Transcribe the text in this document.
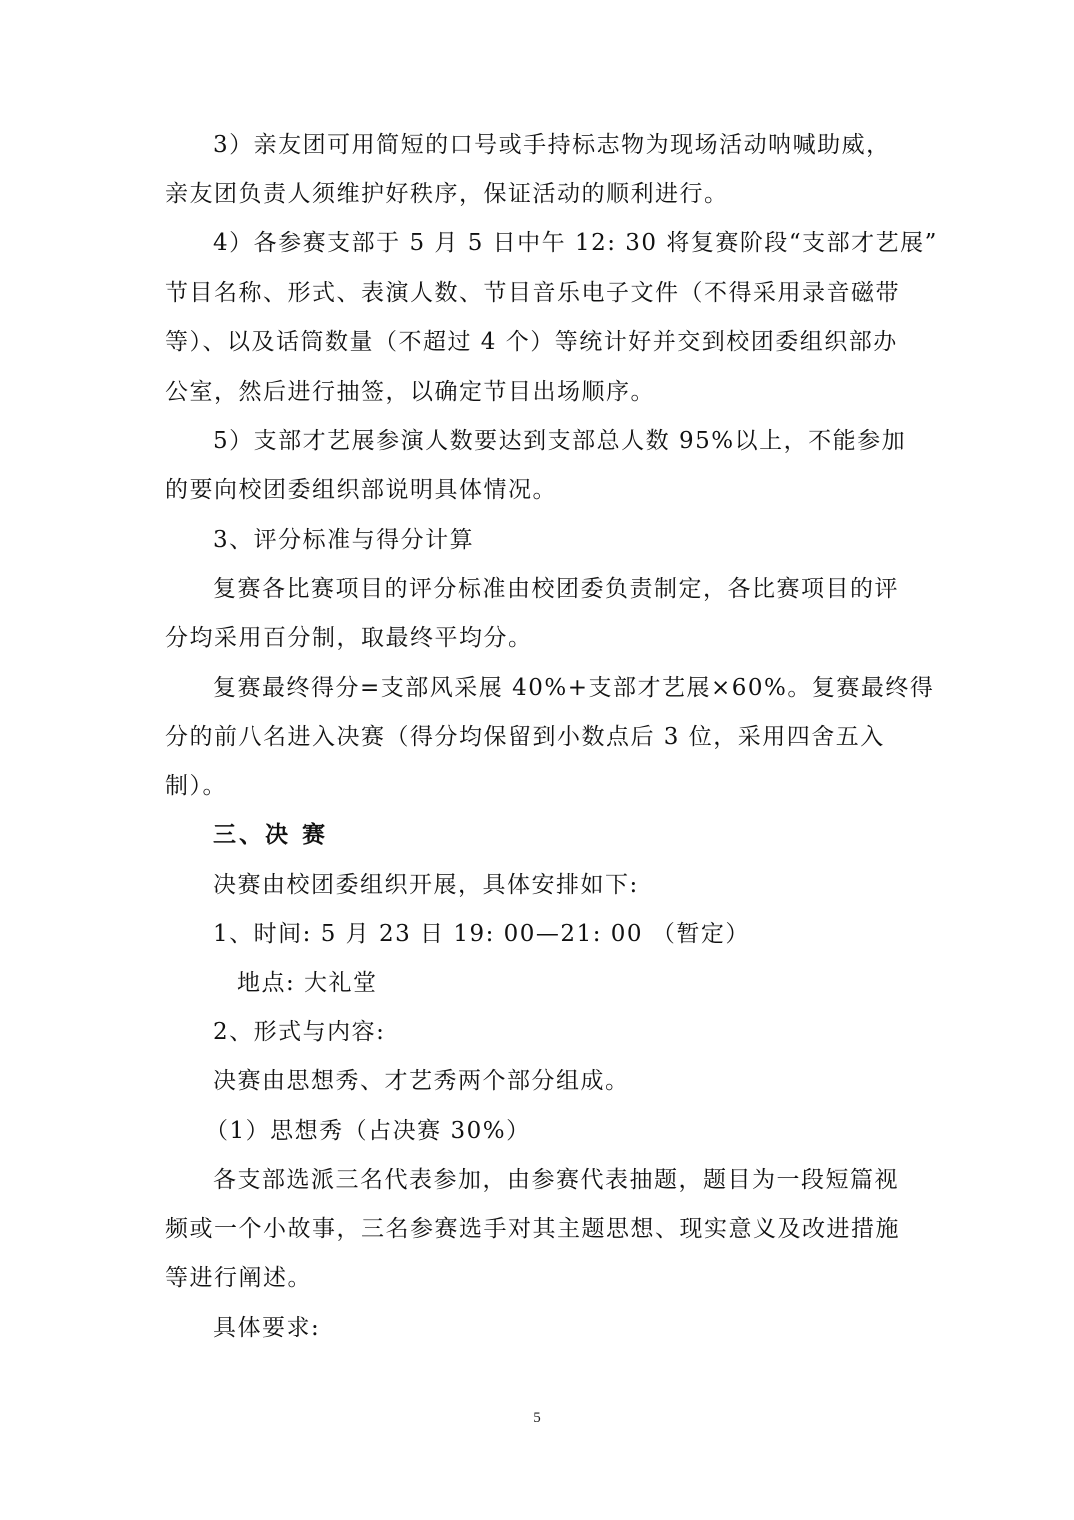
3）亲友团可用简短的口号或手持标志物为现场活动呐喊助威，
亲友团负责人须维护好秩序，保证活动的顺利进行。
4）各参赛支部于 5 月 5 日中午 12: 30 将复赛阶段“支部才艺展”
节目名称、形式、表演人数、节目音乐电子文件（不得采用录音磁带
等）、以及话筒数量（不超过 4 个）等统计好并交到校团委组织部办
公室，然后进行抽签，以确定节目出场顺序。
5）支部才艺展参演人数要达到支部总人数 95%以上，不能参加
的要向校团委组织部说明具体情况。
3、评分标准与得分计算
复赛各比赛项目的评分标准由校团委负责制定，各比赛项目的评
分均采用百分制，取最终平均分。
复赛最终得分=支部风采展 40%+支部才艺展×60%。复赛最终得
分的前八名进入决赛（得分均保留到小数点后 3 位，采用四舍五入
制）。
三、决 赛
决赛由校团委组织开展，具体安排如下:
1、时间: 5 月 23 日 19: 00—21: 00 （暂定）
地点: 大礼堂
2、形式与内容:
决赛由思想秀、才艺秀两个部分组成。
（1）思想秀（占决赛 30%）
各支部选派三名代表参加，由参赛代表抽题，题目为一段短篇视
频或一个小故事，三名参赛选手对其主题思想、现实意义及改进措施
等进行阐述。
具体要求:
5
